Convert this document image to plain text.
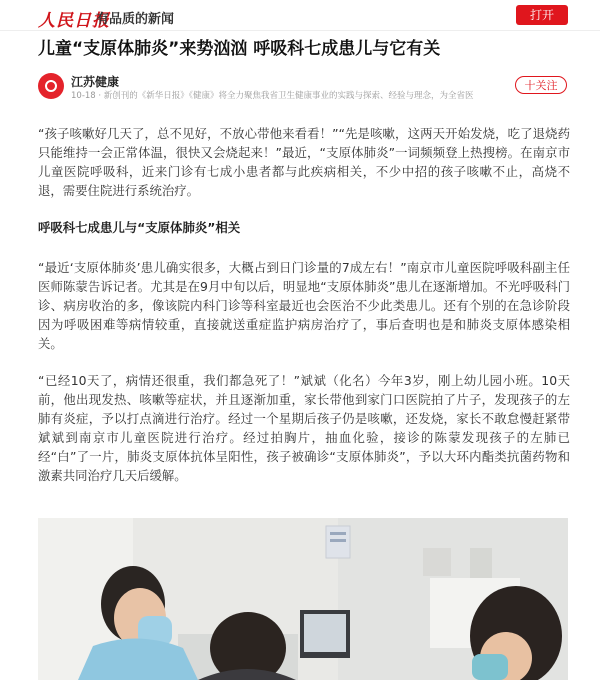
人民日报
有品质的新闻	打开
儿童“支原体肺炎”来势汹汹 呼吸科七成患儿与它有关
江苏健康
10-18 · 新创刊的《新华日报》《健康》将全力聚焦我省卫生健康事业的实践与探索、经验与理念，为全省医
十关注

“孩子咳嗽好几天了，总不见好，不放心带他来看看！”“先是咳嗽，这两天开始发烧，吃了退烧药只能维持一会正常体温，很快又会烧起来！”最近，“支原体肺炎”一词频频登上热搜榜。在南京市儿童医院呼吸科，近来门诊有七成小患者都与此疾病相关，不少中招的孩子咳嗽不止，高烧不退，需要住院进行系统治疗。

呼吸科七成患儿与“支原体肺炎”相关

“最近‘支原体肺炎’患儿确实很多，大概占到日门诊量的7成左右！”南京市儿童医院呼吸科副主任医师陈蒙告诉记者。尤其是在9月中旬以后，明显地“支原体肺炎”患儿在逐渐增加。不光呼吸科门诊、病房收治的多，像该院内科门诊等科室最近也会医治不少此类患儿。还有个别的在急诊阶段因为呼吸困难等病情较重，直接就送重症监护病房治疗了，事后查明也是和肺炎支原体感染相关。

“已经10天了，病情还很重，我们都急死了！”斌斌（化名）今年3岁，刚上幼儿园小班。10天前，他出现发热、咳嗽等症状，并且逐渐加重，家长带他到家门口医院拍了片子，发现孩子的左肺有炎症，予以打点滴进行治疗。经过一个星期后孩子仍是咳嗽，还发烧，家长不敢怠慢赶紧带斌斌到南京市儿童医院进行治疗。经过拍胸片，抽血化验，接诊的陈蒙发现孩子的左肺已经“白”了一片，肺炎支原体抗体呈阳性，孩子被确诊“支原体肺炎”，予以大环内酯类抗菌药物和激素共同治疗几天后缓解。
